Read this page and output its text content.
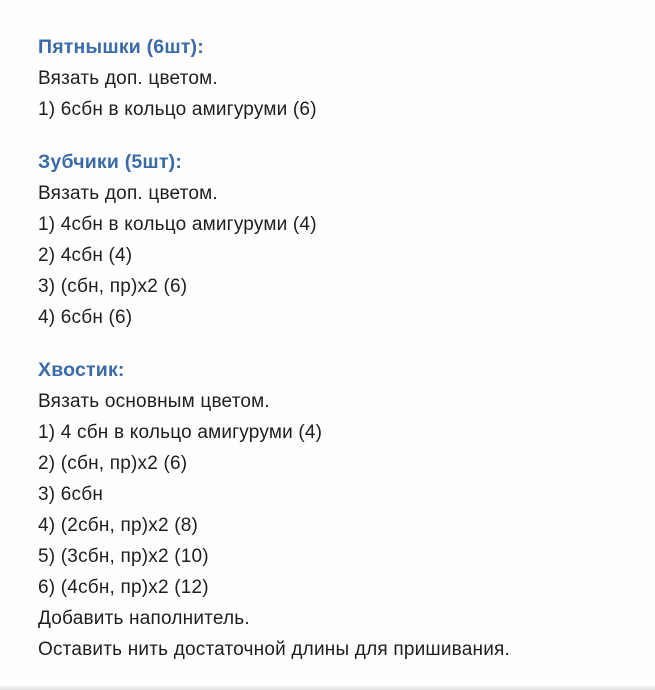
Пятнышки (6шт):

Вязать доп. цветом.

1) 6сбн в кольцо амигуруми (6)

Зубчики (5шт):

Вязать доп. цветом.

1) 4сбн в кольцо амигуруми (4)

2) 4сбн (4)

3) (сбн, пр)х2 (6)

4) 6сбн (6)

Хвостик:

Вязать основным цветом.

1) 4 сбн в кольцо амигуруми (4)

2) (сбн, пр)х2 (6)

3) 6сбн

4) (2сбн, пр)х2 (8)

5) (3сбн, пр)х2 (10)

6) (4сбн, пр)х2 (12)

Добавить наполнитель.

Оставить нить достаточной длины для пришивания.
